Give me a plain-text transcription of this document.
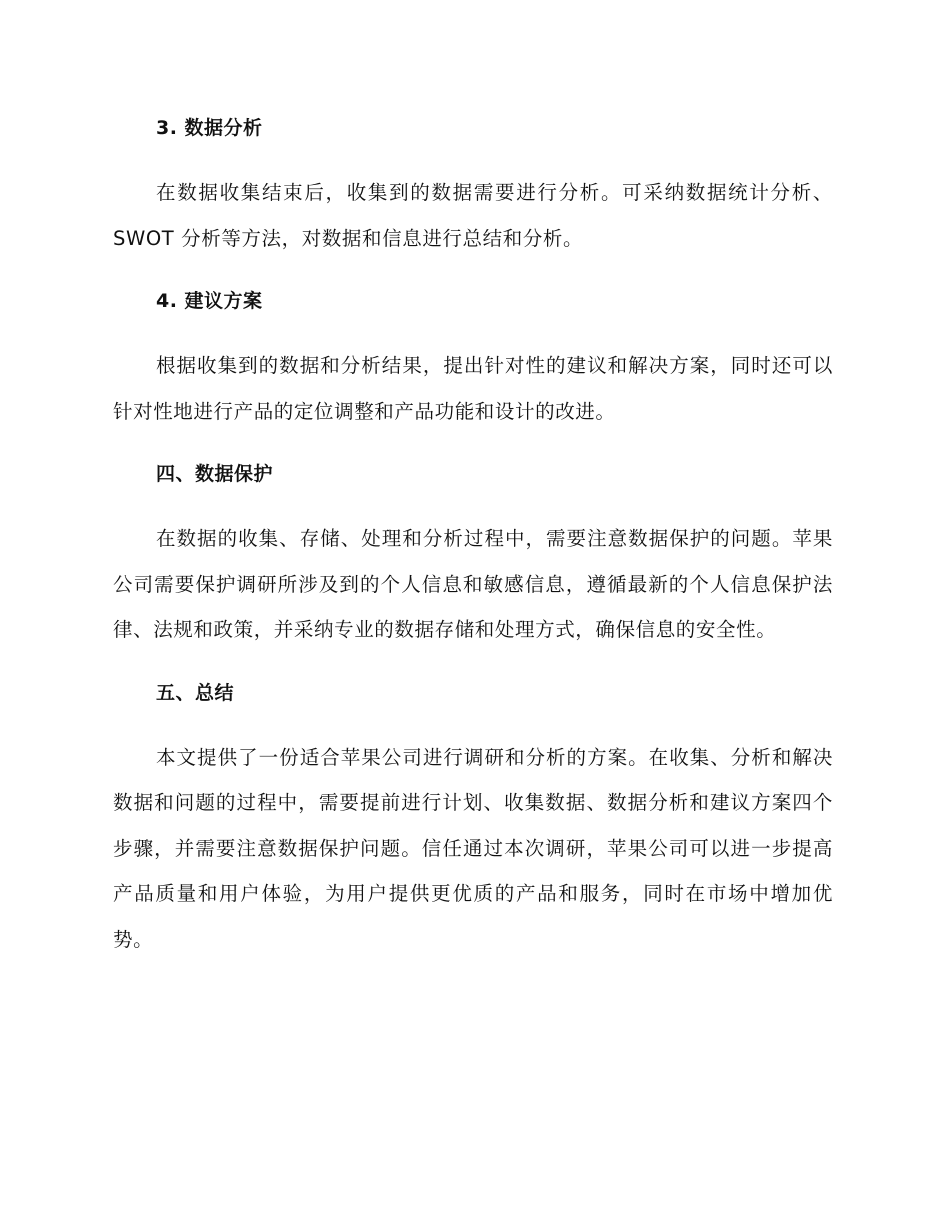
3. 数据分析

在数据收集结束后，收集到的数据需要进行分析。可采纳数据统计分析、SWOT 分析等方法，对数据和信息进行总结和分析。

4. 建议方案

根据收集到的数据和分析结果，提出针对性的建议和解决方案，同时还可以针对性地进行产品的定位调整和产品功能和设计的改进。

四、数据保护

在数据的收集、存储、处理和分析过程中，需要注意数据保护的问题。苹果公司需要保护调研所涉及到的个人信息和敏感信息，遵循最新的个人信息保护法律、法规和政策，并采纳专业的数据存储和处理方式，确保信息的安全性。

五、总结

本文提供了一份适合苹果公司进行调研和分析的方案。在收集、分析和解决数据和问题的过程中，需要提前进行计划、收集数据、数据分析和建议方案四个步骤，并需要注意数据保护问题。信任通过本次调研，苹果公司可以进一步提高产品质量和用户体验，为用户提供更优质的产品和服务，同时在市场中增加优势。
